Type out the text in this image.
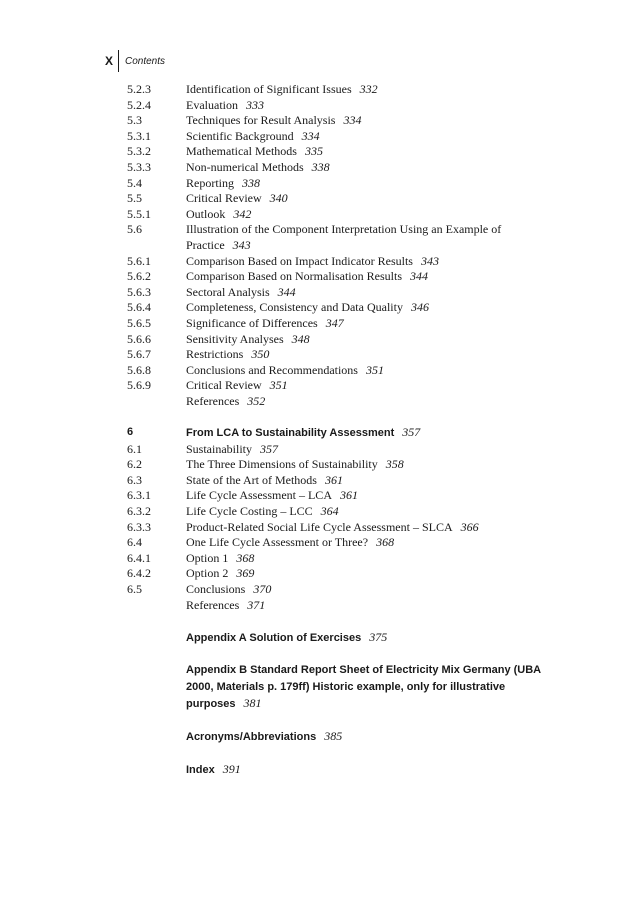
X Contents
5.2.3	Identification of Significant Issues 332
5.2.4	Evaluation 333
5.3	Techniques for Result Analysis 334
5.3.1	Scientific Background 334
5.3.2	Mathematical Methods 335
5.3.3	Non-numerical Methods 338
5.4	Reporting 338
5.5	Critical Review 340
5.5.1	Outlook 342
5.6	Illustration of the Component Interpretation Using an Example of Practice 343
5.6.1	Comparison Based on Impact Indicator Results 343
5.6.2	Comparison Based on Normalisation Results 344
5.6.3	Sectoral Analysis 344
5.6.4	Completeness, Consistency and Data Quality 346
5.6.5	Significance of Differences 347
5.6.6	Sensitivity Analyses 348
5.6.7	Restrictions 350
5.6.8	Conclusions and Recommendations 351
5.6.9	Critical Review 351
References 352
6	From LCA to Sustainability Assessment 357
6.1	Sustainability 357
6.2	The Three Dimensions of Sustainability 358
6.3	State of the Art of Methods 361
6.3.1	Life Cycle Assessment – LCA 361
6.3.2	Life Cycle Costing – LCC 364
6.3.3	Product-Related Social Life Cycle Assessment – SLCA 366
6.4	One Life Cycle Assessment or Three? 368
6.4.1	Option 1 368
6.4.2	Option 2 369
6.5	Conclusions 370
References 371
Appendix A Solution of Exercises 375
Appendix B Standard Report Sheet of Electricity Mix Germany (UBA 2000, Materials p. 179ff) Historic example, only for illustrative purposes 381
Acronyms/Abbreviations 385
Index 391
